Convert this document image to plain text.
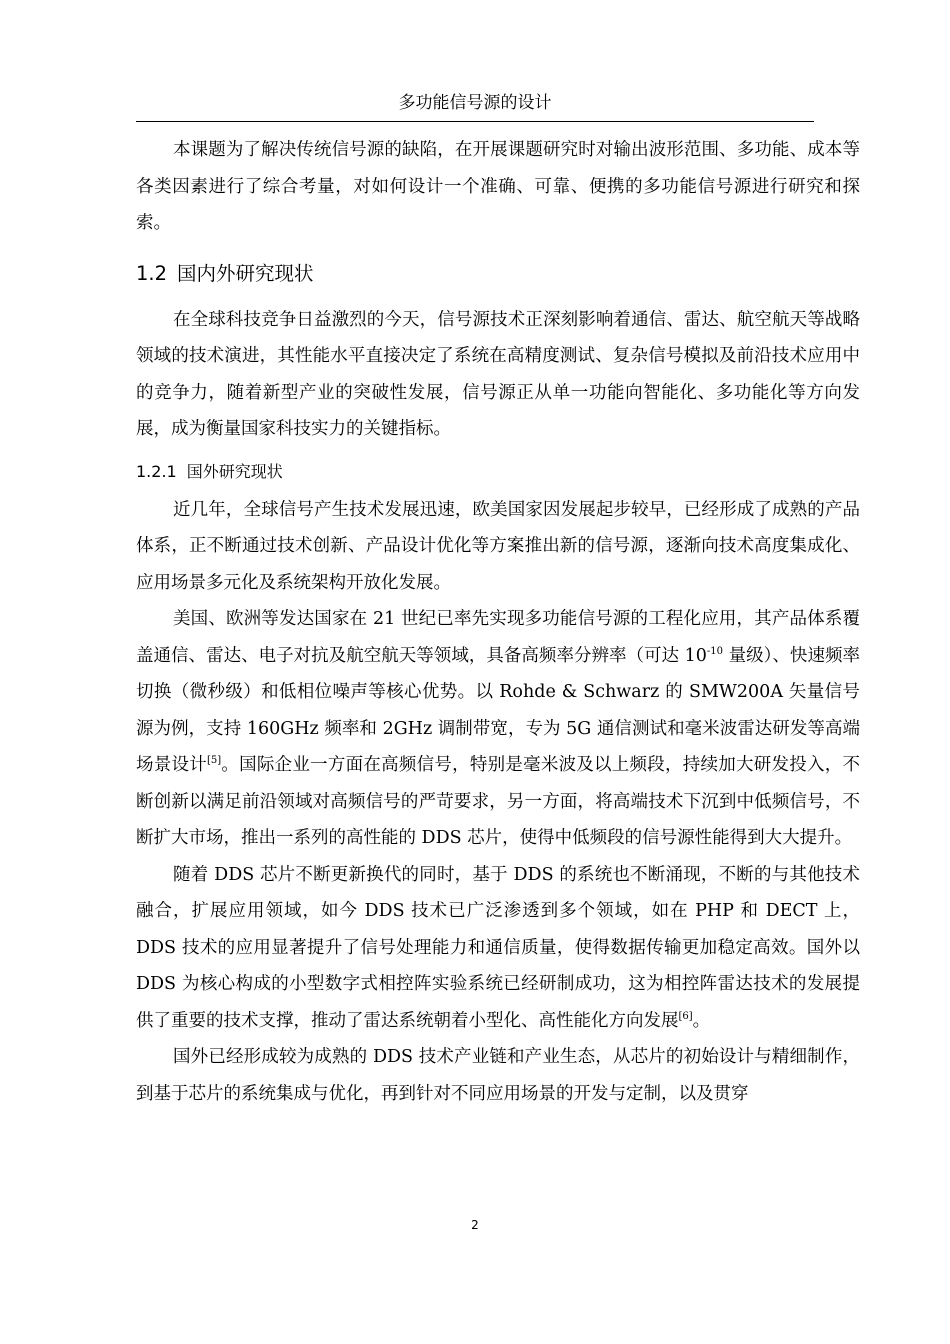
多功能信号源的设计

本课题为了解决传统信号源的缺陷，在开展课题研究时对输出波形范围、多功能、成本等各类因素进行了综合考量，对如何设计一个准确、可靠、便携的多功能信号源进行研究和探索。

1.2 国内外研究现状

在全球科技竞争日益激烈的今天，信号源技术正深刻影响着通信、雷达、航空航天等战略领域的技术演进，其性能水平直接决定了系统在高精度测试、复杂信号模拟及前沿技术应用中的竞争力，随着新型产业的突破性发展，信号源正从单一功能向智能化、多功能化等方向发展，成为衡量国家科技实力的关键指标。

1.2.1 国外研究现状

近几年，全球信号产生技术发展迅速，欧美国家因发展起步较早，已经形成了成熟的产品体系，正不断通过技术创新、产品设计优化等方案推出新的信号源，逐渐向技术高度集成化、应用场景多元化及系统架构开放化发展。

美国、欧洲等发达国家在 21 世纪已率先实现多功能信号源的工程化应用，其产品体系覆盖通信、雷达、电子对抗及航空航天等领域，具备高频率分辨率（可达 $10^{-10}$ 量级）、快速频率切换（微秒级）和低相位噪声等核心优势。以 Rohde & Schwarz 的 SMW200A 矢量信号源为例，支持 160GHz 频率和 2GHz 调制带宽，专为 5G 通信测试和毫米波雷达研发等高端场景设计[5]。国际企业一方面在高频信号，特别是毫米波及以上频段，持续加大研发投入，不断创新以满足前沿领域对高频信号的严苛要求，另一方面，将高端技术下沉到中低频信号，不断扩大市场，推出一系列的高性能的 DDS 芯片，使得中低频段的信号源性能得到大大提升。

随着 DDS 芯片不断更新换代的同时，基于 DDS 的系统也不断涌现，不断的与其他技术融合，扩展应用领域，如今 DDS 技术已广泛渗透到多个领域，如在 PHP 和 DECT 上，DDS 技术的应用显著提升了信号处理能力和通信质量，使得数据传输更加稳定高效。国外以 DDS 为核心构成的小型数字式相控阵实验系统已经研制成功，这为相控阵雷达技术的发展提供了重要的技术支撑，推动了雷达系统朝着小型化、高性能化方向发展[6]。

国外已经形成较为成熟的 DDS 技术产业链和产业生态，从芯片的初始设计与精细制作，到基于芯片的系统集成与优化，再到针对不同应用场景的开发与定制，以及贯穿

2
